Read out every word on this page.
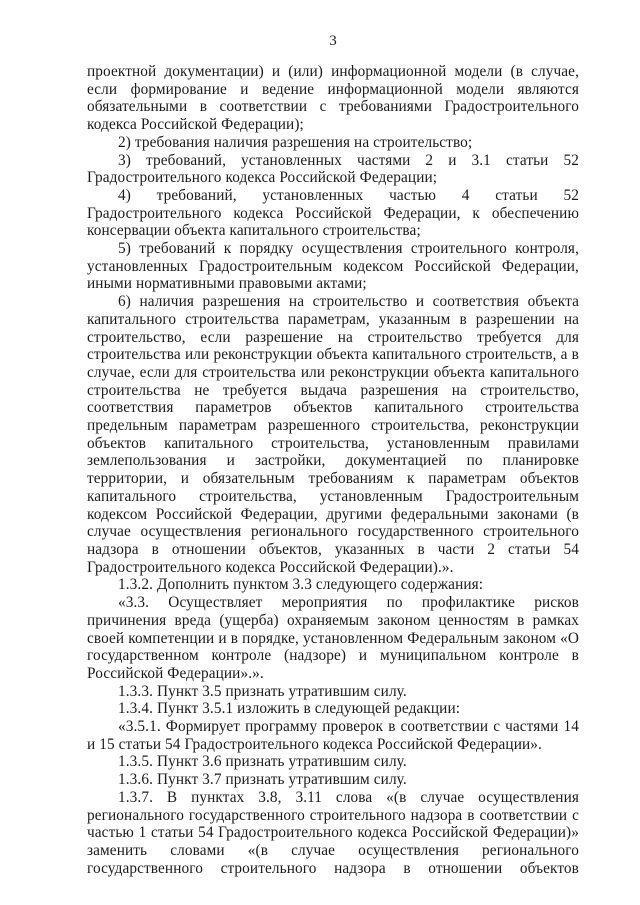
3

проектной документации) и (или) информационной модели (в случае, если формирование и ведение информационной модели являются обязательными в соответствии с требованиями Градостроительного кодекса Российской Федерации);

2) требования наличия разрешения на строительство;

3) требований, установленных частями 2 и 3.1 статьи 52 Градостроительного кодекса Российской Федерации;

4) требований, установленных частью 4 статьи 52 Градостроительного кодекса Российской Федерации, к обеспечению консервации объекта капитального строительства;

5) требований к порядку осуществления строительного контроля, установленных Градостроительным кодексом Российской Федерации, иными нормативными правовыми актами;

6) наличия разрешения на строительство и соответствия объекта капитального строительства параметрам, указанным в разрешении на строительство, если разрешение на строительство требуется для строительства или реконструкции объекта капитального строительств, а в случае, если для строительства или реконструкции объекта капитального строительства не требуется выдача разрешения на строительство, соответствия параметров объектов капитального строительства предельным параметрам разрешенного строительства, реконструкции объектов капитального строительства, установленным правилами землепользования и застройки, документацией по планировке территории, и обязательным требованиям к параметрам объектов капитального строительства, установленным Градостроительным кодексом Российской Федерации, другими федеральными законами (в случае осуществления регионального государственного строительного надзора в отношении объектов, указанных в части 2 статьи 54 Градостроительного кодекса Российской Федерации).».

1.3.2. Дополнить пунктом 3.3 следующего содержания:

«3.3. Осуществляет мероприятия по профилактике рисков причинения вреда (ущерба) охраняемым законом ценностям в рамках своей компетенции и в порядке, установленном Федеральным законом «О государственном контроле (надзоре) и муниципальном контроле в Российской Федерации».».

1.3.3. Пункт 3.5 признать утратившим силу.

1.3.4. Пункт 3.5.1 изложить в следующей редакции:

«3.5.1. Формирует программу проверок в соответствии с частями 14 и 15 статьи 54 Градостроительного кодекса Российской Федерации».

1.3.5. Пункт 3.6 признать утратившим силу.

1.3.6. Пункт 3.7 признать утратившим силу.

1.3.7. В пунктах 3.8, 3.11 слова «(в случае осуществления регионального государственного строительного надзора в соответствии с частью 1 статьи 54 Градостроительного кодекса Российской Федерации)» заменить словами «(в случае осуществления регионального государственного строительного надзора в отношении объектов
